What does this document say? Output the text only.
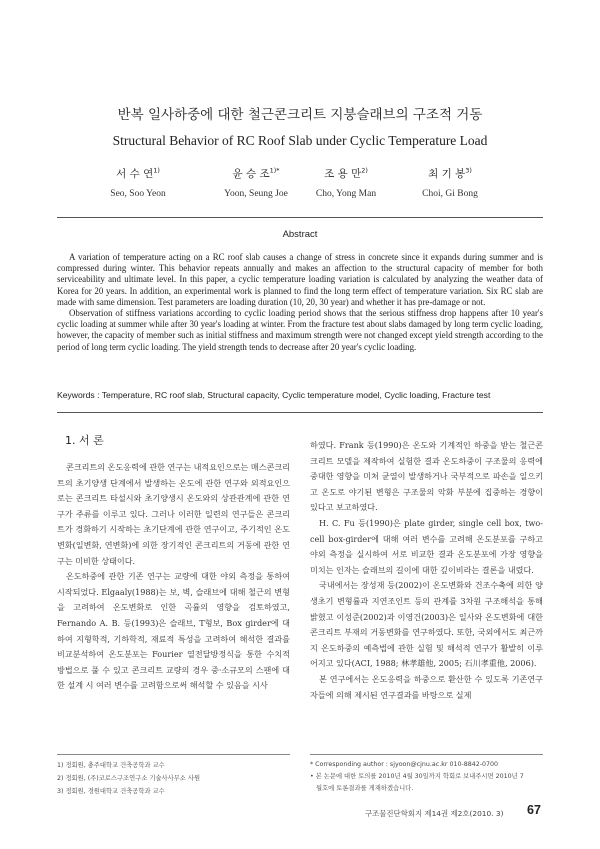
반복 일사하중에 대한 철근콘크리트 지붕슬래브의 구조적 거동
Structural Behavior of RC Roof Slab under Cyclic Temperature Load
서 수 연$^{1)}$
Seo, Soo Yeon
윤 승 조$^{1)*}$
Yoon, Seung Joe
조 용 만$^{2)}$
Cho, Yong Man
최 기 봉$^{3)}$
Choi, Gi Bong
Abstract

A variation of temperature acting on a RC roof slab causes a change of stress in concrete since it expands during summer and is compressed during winter. This behavior repeats annually and makes an affection to the structural capacity of member for both serviceability and ultimate level. In this paper, a cyclic temperature loading variation is calculated by analyzing the weather data of Korea for 20 years. In addition, an experimental work is planned to find the long term effect of temperature variation. Six RC slab are made with same dimension. Test parameters are loading duration (10, 20, 30 year) and whether it has pre-damage or not.

Observation of stiffness variations according to cyclic loading period shows that the serious stiffness drop happens after 10 year's cyclic loading at summer while after 30 year's loading at winter. From the fracture test about slabs damaged by long term cyclic loading, however, the capacity of member such as initial stiffness and maximum strength were not changed except yield strength according to the period of long term cyclic loading. The yield strength tends to decrease after 20 year's cyclic loading.

Keywords : Temperature, RC roof slab, Structural capacity, Cyclic temperature model, Cyclic loading, Fracture test
1. 서 론

콘크리트의 온도응력에 관한 연구는 내적요인으로는 매스콘크리트의 초기양생 단계에서 발생하는 온도에 관한 연구와 외적요인으로는 콘크리트 타설시와 초기양생시 온도와의 상관관계에 관한 연구가 주류를 이루고 있다. 그러나 이러한 일련의 연구들은 콘크리트가 경화하기 시작하는 초기단계에 관한 연구이고, 주기적인 온도변화(일변화, 연변화)에 의한 장기적인 콘크리트의 거동에 관한 연구는 미비한 상태이다.

온도하중에 관한 기존 연구는 교량에 대한 야외 측정을 통하여 시작되었다. Elgaaly(1988)는 보, 벽, 슬래브에 대해 철근의 변형을 고려하여 온도변화로 인한 곡률의 영향을 검토하였고, Fernando A. B. 등(1993)은 슬래브, T형보, Box girder에 대하여 지형학적, 기하학적, 재료적 특성을 고려하여 해석한 결과를 비교분석하여 온도분포는 Fourier 열전달방정식을 통한 수치적 방법으로 풀 수 있고 콘크리트 교량의 경우 중·소규모의 스팬에 대한 설계 시 여러 변수를 고려함으로써 해석할 수 있음을 시사

하였다. Frank 등(1990)은 온도와 기계적인 하중을 받는 철근콘크리트 모델을 제작하여 실험한 결과 온도하중이 구조물의 응력에 중대한 영향을 미쳐 균열이 발생하거나 국부적으로 파손을 일으키고 온도로 야기된 변형은 구조물의 악화 부분에 집중하는 경향이 있다고 보고하였다.

H. C. Fu 등(1990)은 plate girder, single cell box, two-cell box-girder에 대해 여러 변수를 고려해 온도분포를 구하고 야외 측정을 실시하여 서로 비교한 결과 온도분포에 가장 영향을 미치는 인자는 슬래브의 길이에 대한 깊이비라는 결론을 내렸다.

국내에서는 장성재 등(2002)이 온도변화와 건조수축에 의한 양생초기 변형률과 지연조인트 등의 관계를 3차원 구조해석을 통해 밝혔고 이성준(2002)과 이영건(2003)은 일사와 온도변화에 대한 콘크리트 부재의 거동변화를 연구하였다. 또한, 국외에서도 최근까지 온도하중의 예측법에 관한 실험 및 해석적 연구가 활발히 이루어지고 있다(ACI, 1988; 林孝雄他, 2005; 石川孝重他, 2006).

본 연구에서는 온도응력을 하중으로 환산한 수 있도록 기존연구자들에 의해 제시된 연구결과를 바탕으로 실제

1) 정회원, 충주대학교 건축공학과 교수
2) 정회원, (주)코로스구조연구소 기술사사무소 사원
3) 정회원, 경원대학교 건축공학과 교수
* Corresponding author : sjyoon@cjnu.ac.kr 010-8842-0700
• 본 논문에 대한 토의를 2010년 4월 30일까지 학회로 보내주시면 2010년 7
월호에 토론결과를 게재하겠습니다.
구조물진단학회지 제14권 제2호(2010. 3) 67
